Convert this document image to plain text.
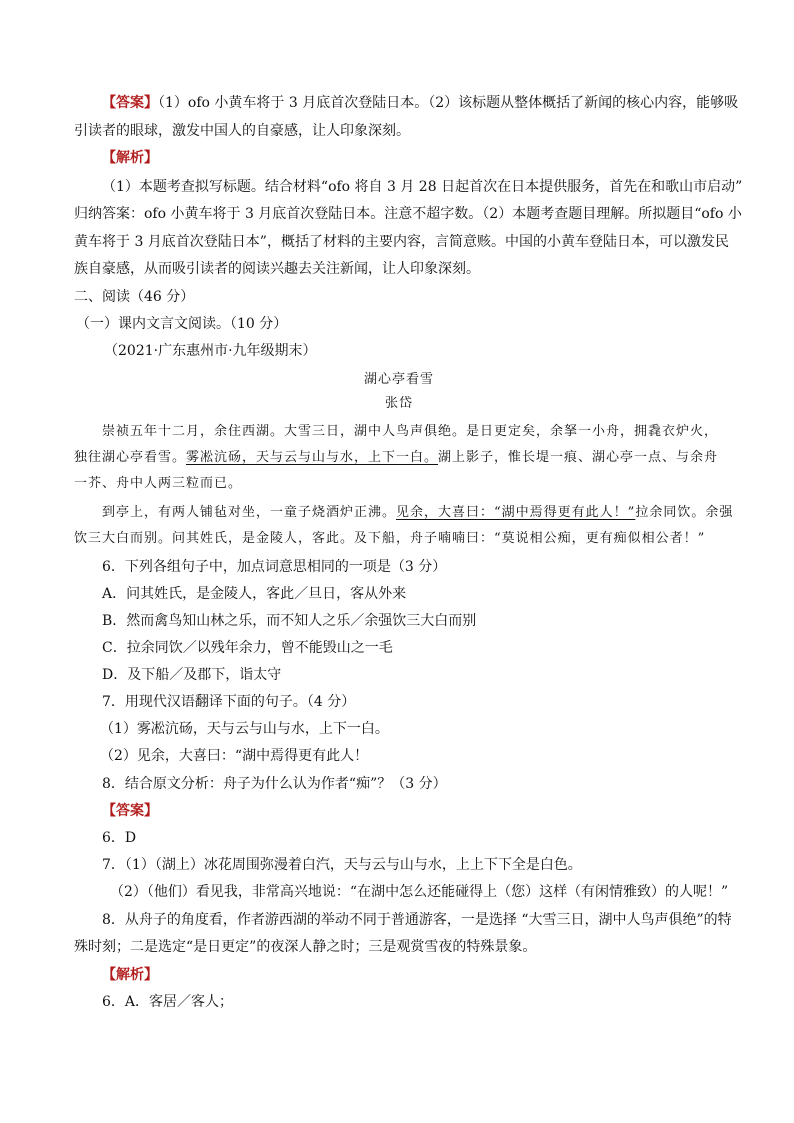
【答案】（1）ofo 小黄车将于 3 月底首次登陆日本。（2）该标题从整体概括了新闻的核心内容，能够吸
引读者的眼球，激发中国人的自豪感，让人印象深刻。
【解析】
（1）本题考查拟写标题。结合材料“ofo 将自 3 月 28 日起首次在日本提供服务，首先在和歌山市启动”
归纳答案：ofo 小黄车将于 3 月底首次登陆日本。注意不超字数。（2）本题考查题目理解。所拟题目“ofo 小
黄车将于 3 月底首次登陆日本”，概括了材料的主要内容，言简意赅。中国的小黄车登陆日本，可以激发民
族自豪感，从而吸引读者的阅读兴趣去关注新闻，让人印象深刻。
二、阅读（46 分）
（一）课内文言文阅读。（10 分）
（2021·广东惠州市·九年级期末）
湖心亭看雪
张岱
崇祯五年十二月，余住西湖。大雪三日，湖中人鸟声俱绝。是日更定矣，余拏一小舟，拥毳衣炉火，
独往湖心亭看雪。雾凇沆砀，天与云与山与水，上下一白。湖上影子，惟长堤一痕、湖心亭一点、与余舟
一芥、舟中人两三粒而已。
到亭上，有两人铺毡对坐，一童子烧酒炉正沸。见余，大喜曰：“湖中焉得更有此人！”拉余同饮。余强
饮三大白而别。问其姓氏，是金陵人，客此。及下船，舟子喃喃曰：“莫说相公痴，更有痴似相公者！”
6．下列各组句子中，加点词意思相同的一项是（3 分）
A．问其姓氏，是金陵人，客此／旦日，客从外来
B．然而禽鸟知山林之乐，而不知人之乐／余强饮三大白而别
C．拉余同饮／以残年余力，曾不能毁山之一毛
D．及下船／及郡下，诣太守
7．用现代汉语翻译下面的句子。（4 分）
（1）雾凇沆砀，天与云与山与水，上下一白。
（2）见余，大喜曰：“湖中焉得更有此人！
8．结合原文分析：舟子为什么认为作者“痴”？（3 分）
【答案】
6．D
7．（1）（湖上）冰花周围弥漫着白汽，天与云与山与水，上上下下全是白色。
（2）（他们）看见我，非常高兴地说：“在湖中怎么还能碰得上（您）这样（有闲情雅致）的人呢！”
8．从舟子的角度看，作者游西湖的举动不同于普通游客，一是选择 “大雪三日，湖中人鸟声俱绝”的特
殊时刻；二是选定“是日更定”的夜深人静之时；三是观赏雪夜的特殊景象。
【解析】
6．A．客居／客人；
